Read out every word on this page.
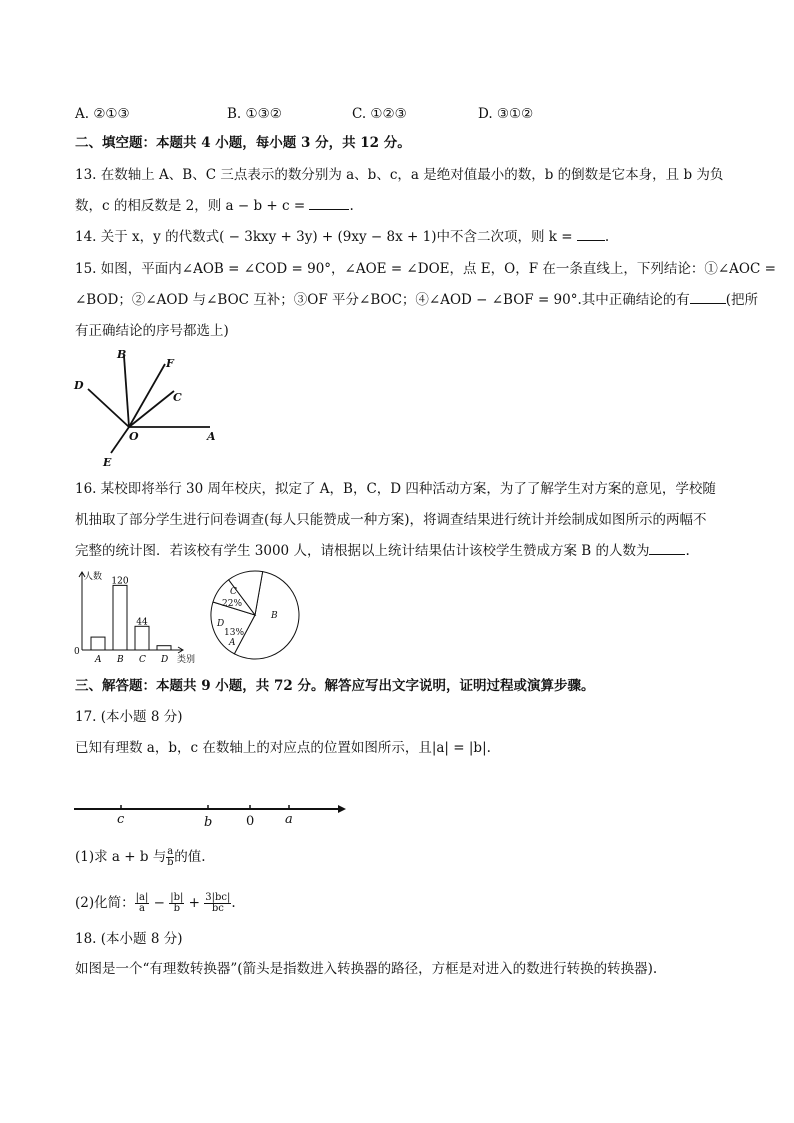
A. ②①③	B. ①③②	C. ①②③	D. ③①②
二、填空题：本题共 4 小题，每小题 3 分，共 12 分。
13. 在数轴上 A、B、C 三点表示的数分别为 a、b、c，a 是绝对值最小的数，b 的倒数是它本身，且 b 为负
数，c 的相反数是 2，则 a − b + c =	.
14. 关于 x，y 的代数式( − 3kxy + 3y) + (9xy − 8x + 1)中不含二次项，则 k = .
15. 如图，平面内∠AOB = ∠COD = 90°，∠AOE = ∠DOE，点 E，O，F 在一条直线上，下列结论：①∠AOC =
∠BOD；②∠AOD 与∠BOC 互补；③OF 平分∠BOC；④∠AOD − ∠BOF = 90°.其中正确结论的有	(把所
有正确结论的序号都选上)
B
F
D
C
O	A
E
16. 某校即将举行 30 周年校庆，拟定了 A，B，C，D 四种活动方案，为了了解学生对方案的意见，学校随
机抽取了部分学生进行问卷调查(每人只能赞成一种方案)，将调查结果进行统计并绘制成如图所示的两幅不
完整的统计图．若该校有学生 3000 人，请根据以上统计结果估计该校学生赞成方案 B 的人数为	.
A B
120
C
44
D
人数
0
类别
C
22%
B
D
13%
A
三、解答题：本题共 9 小题，共 72 分。解答应写出文字说明，证明过程或演算步骤。
17. (本小题 8 分)
已知有理数 a，b，c 在数轴上的对应点的位置如图所示，且|a| = |b|.
c	b	0 a
(1)求 a + b 与 $\frac{a}{b}$ 的值.
(2)化简： $\frac{|a|}{a} - \frac{|b|}{b} + \frac{3|bc|}{bc}$ .
18. (本小题 8 分)
如图是一个“有理数转换器”(箭头是指数进入转换器的路径，方框是对进入的数进行转换的转换器).
